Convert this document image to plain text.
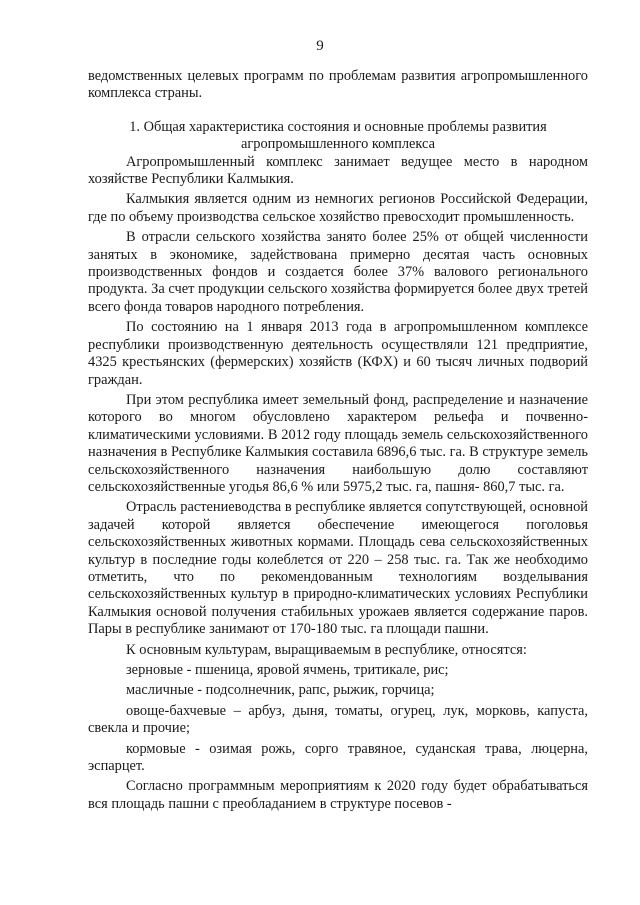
9

ведомственных целевых программ по проблемам развития агропромышленного комплекса страны.

1. Общая характеристика состояния и основные проблемы развития агропромышленного комплекса

Агропромышленный комплекс занимает ведущее место в народном хозяйстве Республики Калмыкия.

Калмыкия является одним из немногих регионов Российской Федерации, где по объему производства сельское хозяйство превосходит промышленность.

В отрасли сельского хозяйства занято более 25% от общей численности занятых в экономике, задействована примерно десятая часть основных производственных фондов и создается более 37% валового регионального продукта. За счет продукции сельского хозяйства формируется более двух третей всего фонда товаров народного потребления.

По состоянию на 1 января 2013 года в агропромышленном комплексе республики производственную деятельность осуществляли 121 предприятие, 4325 крестьянских (фермерских) хозяйств (КФХ) и 60 тысяч личных подворий граждан.

При этом республика имеет земельный фонд, распределение и назначение которого во многом обусловлено характером рельефа и почвенно-климатическими условиями. В 2012 году площадь земель сельскохозяйственного назначения в Республике Калмыкия составила 6896,6 тыс. га. В структуре земель сельскохозяйственного назначения наибольшую долю составляют сельскохозяйственные угодья 86,6 % или 5975,2 тыс. га, пашня- 860,7 тыс. га.

Отрасль растениеводства в республике является сопутствующей, основной задачей которой является обеспечение имеющегося поголовья сельскохозяйственных животных кормами. Площадь сева сельскохозяйственных культур в последние годы колеблется от 220 – 258 тыс. га. Так же необходимо отметить, что по рекомендованным технологиям возделывания сельскохозяйственных культур в природно-климатических условиях Республики Калмыкия основой получения стабильных урожаев является содержание паров. Пары в республике занимают от 170-180 тыс. га площади пашни.

К основным культурам, выращиваемым в республике, относятся:

зерновые - пшеница, яровой ячмень, тритикале, рис;

масличные - подсолнечник, рапс, рыжик, горчица;

овоще-бахчевые – арбуз, дыня, томаты, огурец, лук, морковь, капуста, свекла и прочие;

кормовые - озимая рожь, сорго травяное, суданская трава, люцерна, эспарцет.

Согласно программным мероприятиям к 2020 году будет обрабатываться вся площадь пашни с преобладанием в структуре посевов -
